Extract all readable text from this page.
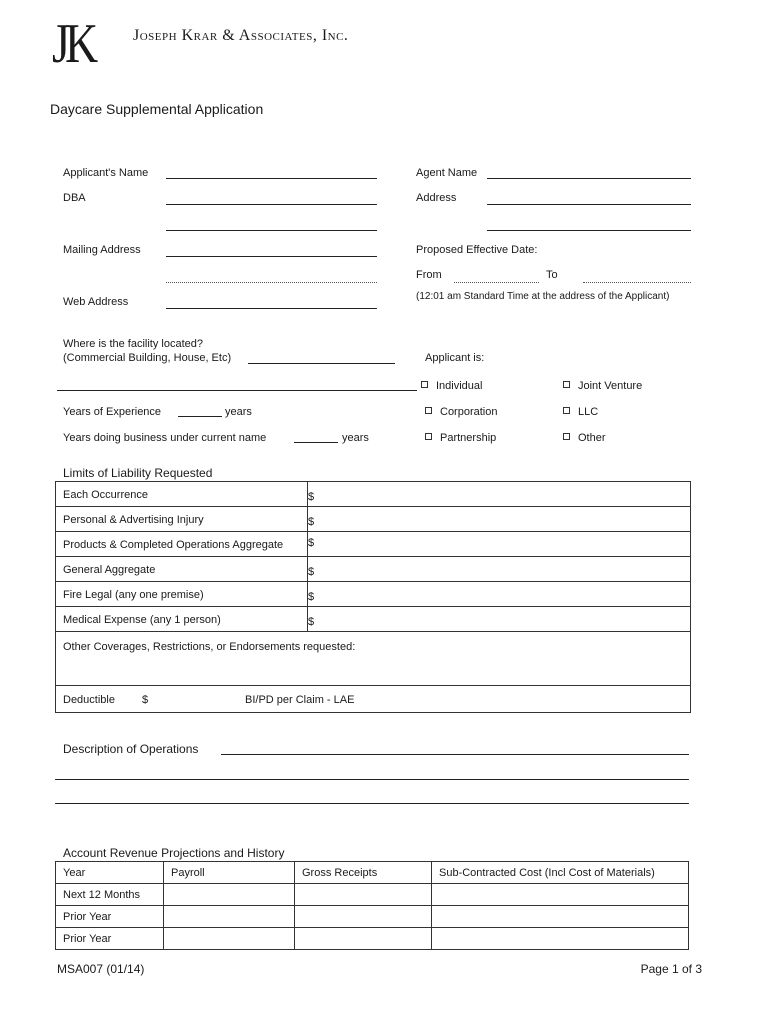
JK Joseph Krar & Associates, Inc.
Daycare Supplemental Application
Applicant's Name
DBA
Mailing Address
Web Address
Agent Name
Address
Proposed Effective Date:
From	To
(12:01 am Standard Time at the address of the Applicant)
Where is the facility located?
(Commercial Building, House, Etc)	Applicant is:
Individual	Joint Venture
Corporation	LLC
Partnership	Other
Years of Experience	years
Years doing business under current name	years
Limits of Liability Requested
Each Occurrence	$
Personal & Advertising Injury	$
Products & Completed Operations Aggregate $
General Aggregate	$
Fire Legal (any one premise)	$
Medical Expense (any 1 person)	$
Other Coverages, Restrictions, or Endorsements requested:
Deductible $	BI/PD per Claim - LAE
Description of Operations
Account Revenue Projections and History
Year	Payroll	Gross Receipts	Sub-Contracted Cost (Incl Cost of Materials)
Next 12 Months			
Prior Year			
Prior Year			
MSA007 (01/14)	Page 1 of 3
